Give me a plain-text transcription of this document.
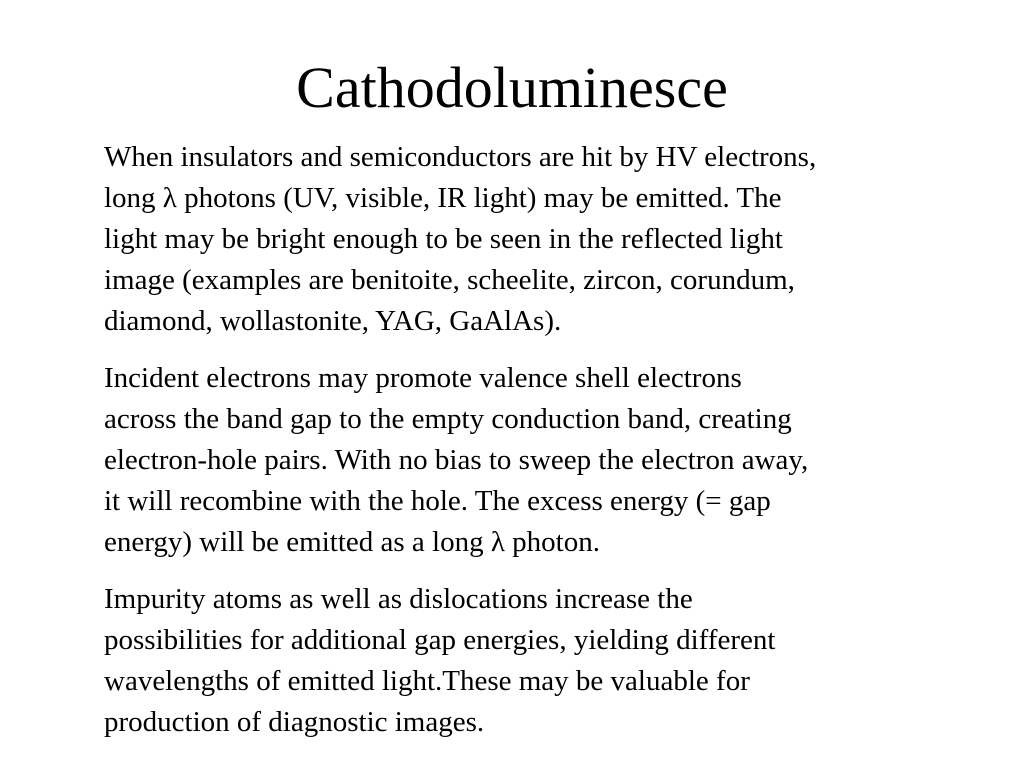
Cathodoluminesce

When insulators and semiconductors are hit by HV electrons,
long λ photons (UV, visible, IR light) may be emitted. The
light may be bright enough to be seen in the reflected light
image (examples are benitoite, scheelite, zircon, corundum,
diamond, wollastonite, YAG, GaAlAs).

Incident electrons may promote valence shell electrons
across the band gap to the empty conduction band, creating
electron-hole pairs. With no bias to sweep the electron away,
it will recombine with the hole. The excess energy (= gap
energy) will be emitted as a long λ photon.

Impurity atoms as well as dislocations increase the
possibilities for additional gap energies, yielding different
wavelengths of emitted light.These may be valuable for
production of diagnostic images.
